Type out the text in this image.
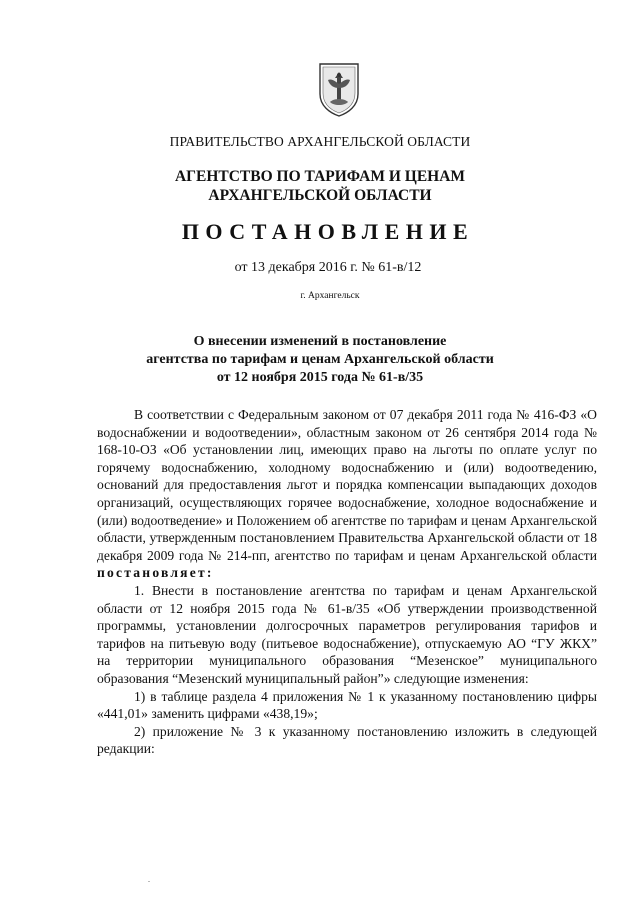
ПРАВИТЕЛЬСТВО АРХАНГЕЛЬСКОЙ ОБЛАСТИ
АГЕНТСТВО ПО ТАРИФАМ И ЦЕНАМ
АРХАНГЕЛЬСКОЙ ОБЛАСТИ
ПОСТАНОВЛЕНИЕ
от 13 декабря 2016 г. № 61-в/12
г. Архангельск
О внесении изменений в постановление
агентства по тарифам и ценам Архангельской области
от 12 ноября 2015 года № 61-в/35

В соответствии с Федеральным законом от 07 декабря 2011 года № 416-ФЗ «О водоснабжении и водоотведении», областным законом от 26 сентября 2014 года № 168-10-ОЗ «Об установлении лиц, имеющих право на льготы по оплате услуг по горячему водоснабжению, холодному водоснабжению и (или) водоотведению, оснований для предоставления льгот и порядка компенсации выпадающих доходов организаций, осуществляющих горячее водоснабжение, холодное водоснабжение и (или) водоотведение» и Положением об агентстве по тарифам и ценам Архангельской области, утвержденным постановлением Правительства Архангельской области от 18 декабря 2009 года № 214-пп, агентство по тарифам и ценам Архангельской области постановляет:

1. Внести в постановление агентства по тарифам и ценам Архангельской области от 12 ноября 2015 года № 61-в/35 «Об утверждении производственной программы, установлении долгосрочных параметров регулирования тарифов и тарифов на питьевую воду (питьевое водоснабжение), отпускаемую АО “ГУ ЖКХ” на территории муниципального образования “Мезенское” муниципального образования “Мезенский муниципальный район”» следующие изменения:

1) в таблице раздела 4 приложения № 1 к указанному постановлению цифры «441,01» заменить цифрами «438,19»;

2) приложение № 3 к указанному постановлению изложить в следующей редакции:
